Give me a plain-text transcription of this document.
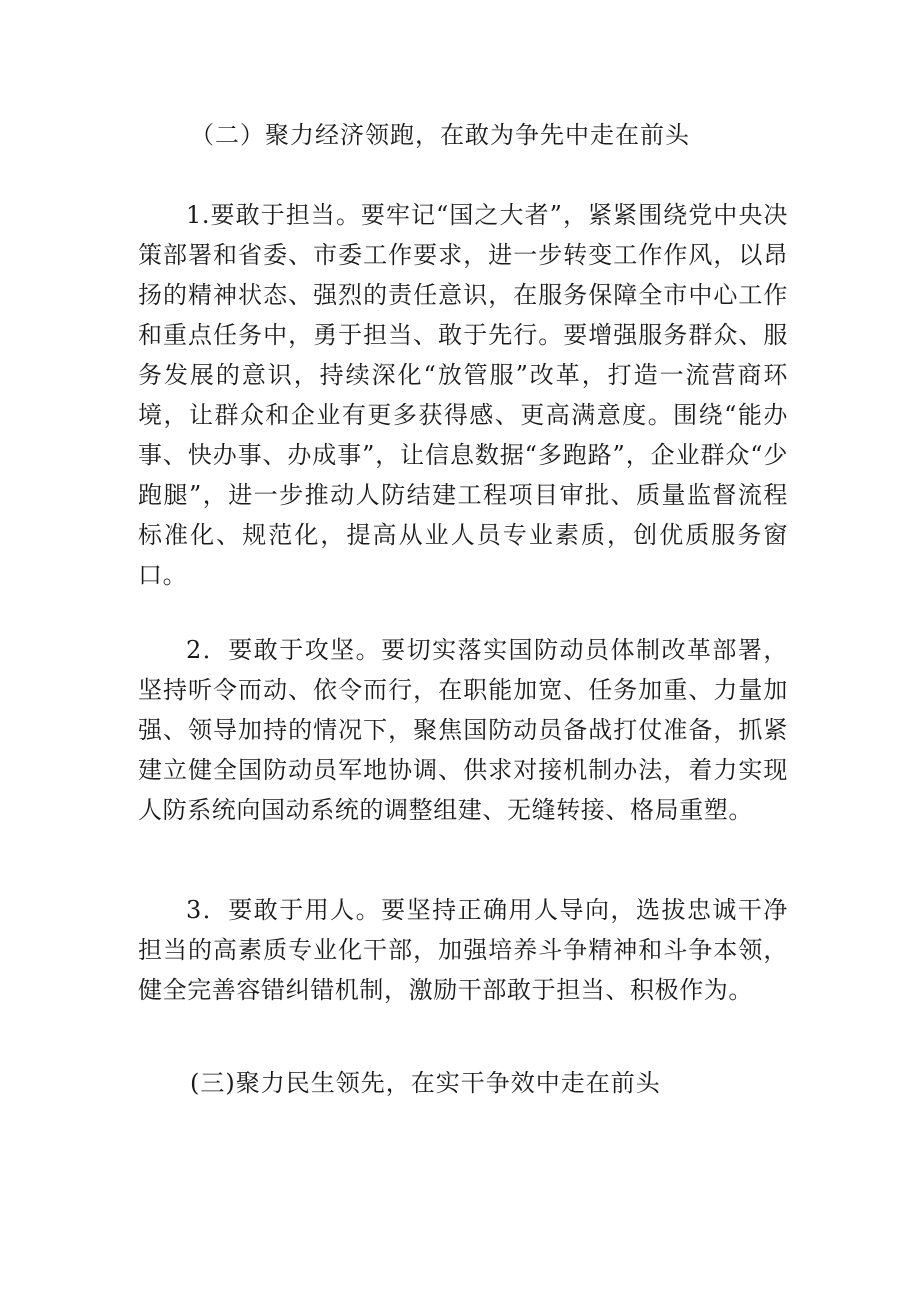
（二）聚力经济领跑，在敢为争先中走在前头
1.要敢于担当。要牢记“国之大者”，紧紧围绕党中央决策部署和省委、市委工作要求，进一步转变工作作风，以昂扬的精神状态、强烈的责任意识，在服务保障全市中心工作和重点任务中，勇于担当、敢于先行。要增强服务群众、服务发展的意识，持续深化“放管服”改革，打造一流营商环境，让群众和企业有更多获得感、更高满意度。围绕“能办事、快办事、办成事”，让信息数据“多跑路”，企业群众“少跑腿”，进一步推动人防结建工程项目审批、质量监督流程标准化、规范化，提高从业人员专业素质，创优质服务窗口。
2．要敢于攻坚。要切实落实国防动员体制改革部署，坚持听令而动、依令而行，在职能加宽、任务加重、力量加强、领导加持的情况下，聚焦国防动员备战打仗准备，抓紧建立健全国防动员军地协调、供求对接机制办法，着力实现人防系统向国动系统的调整组建、无缝转接、格局重塑。
3．要敢于用人。要坚持正确用人导向，选拔忠诚干净担当的高素质专业化干部，加强培养斗争精神和斗争本领，健全完善容错纠错机制，激励干部敢于担当、积极作为。
(三)聚力民生领先，在实干争效中走在前头
